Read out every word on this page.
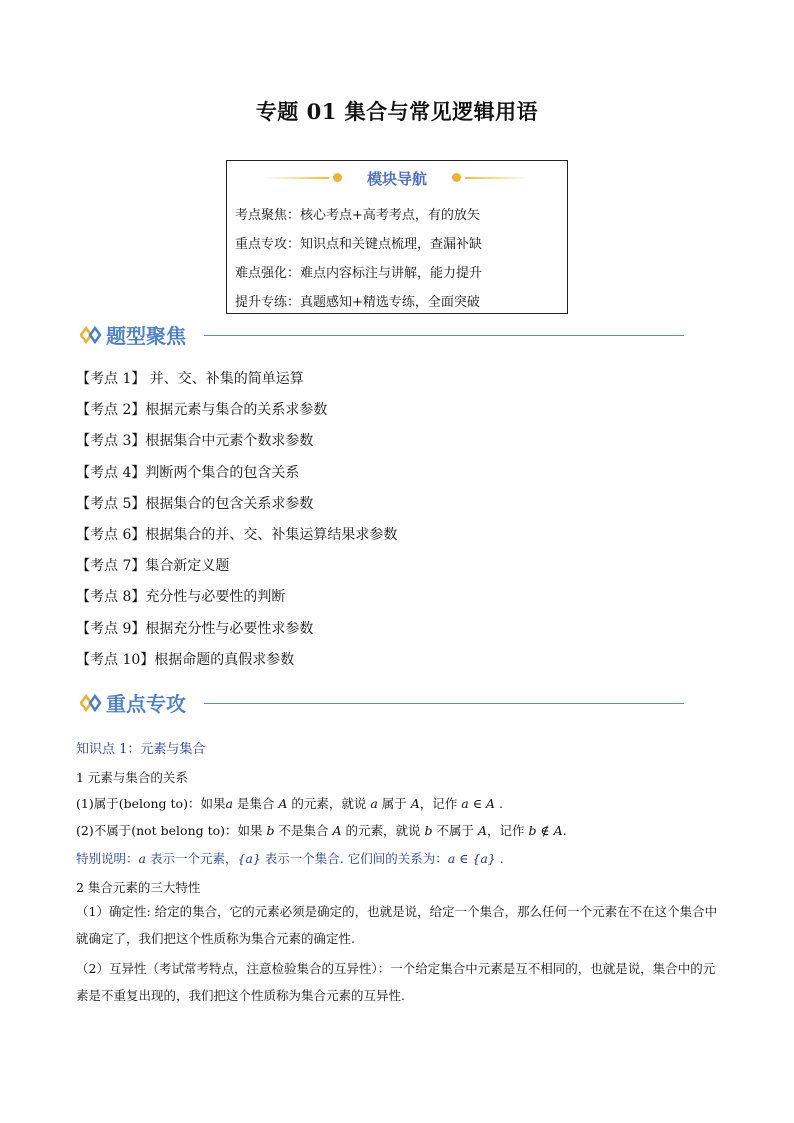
专题 01 集合与常见逻辑用语
模块导航
考点聚焦：核心考点+高考考点，有的放矢
重点专攻：知识点和关键点梳理，查漏补缺
难点强化：难点内容标注与讲解，能力提升
提升专练：真题感知+精选专练，全面突破
题型聚焦
【考点 1】 并、交、补集的简单运算
【考点 2】根据元素与集合的关系求参数
【考点 3】根据集合中元素个数求参数
【考点 4】判断两个集合的包含关系
【考点 5】根据集合的包含关系求参数
【考点 6】根据集合的并、交、补集运算结果求参数
【考点 7】集合新定义题
【考点 8】充分性与必要性的判断
【考点 9】根据充分性与必要性求参数
【考点 10】根据命题的真假求参数
重点专攻
知识点 1：元素与集合
1 元素与集合的关系
(1)属于(belong to)：如果a 是集合 A 的元素，就说 a 属于 A，记作 a ∈ A .
(2)不属于(not belong to)：如果 b 不是集合 A 的元素，就说 b 不属于 A，记作 b ∉ A.
特别说明：a 表示一个元素，{a} 表示一个集合. 它们间的关系为：a ∈ {a} .
2 集合元素的三大特性
（1）确定性: 给定的集合，它的元素必须是确定的，也就是说，给定一个集合，那么任何一个元素在不在这个集合中就确定了，我们把这个性质称为集合元素的确定性.
（2）互异性（考试常考特点，注意检验集合的互异性）：一个给定集合中元素是互不相同的，也就是说，集合中的元素是不重复出现的，我们把这个性质称为集合元素的互异性.
